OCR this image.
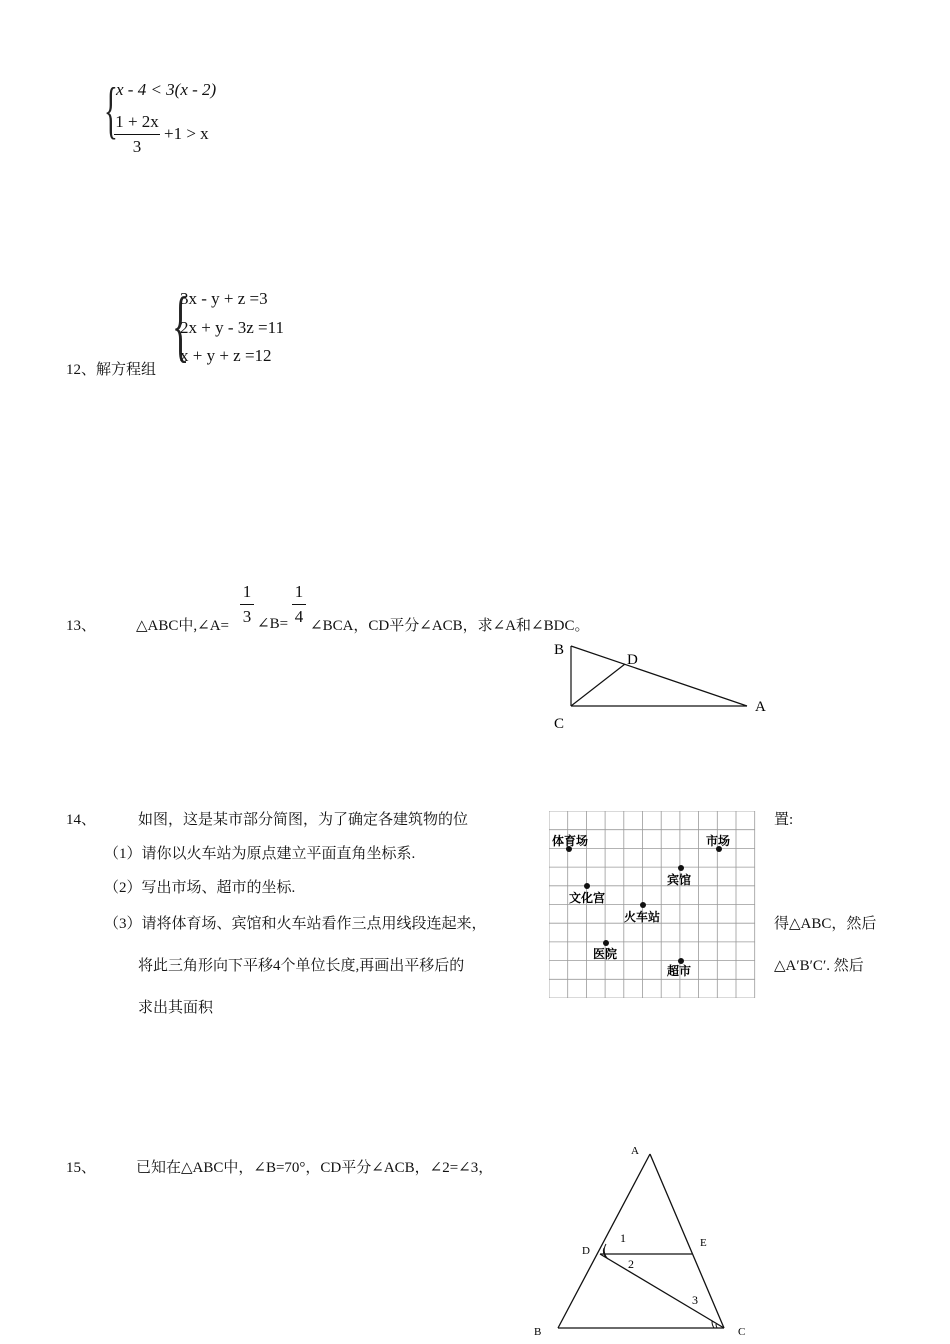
{
x - 4 < 3(x - 2)
1 + 2x
3
+1 > x
{
3x - y + z =3
2x + y - 3z =11
x + y + z =12
12、解方程组
13、	△ABC中,∠A=
1
3 ∠B=
1
4 ∠BCA，CD平分∠ACB，求∠A和∠BDC。
B
D
C
A
14、	如图，这是某市部分简图，为了确定各建筑物的位	置:
（1）请你以火车站为原点建立平面直角坐标系.
（2）写出市场、超市的坐标.
（3）请将体育场、宾馆和火车站看作三点用线段连起来，	得△ABC，然后
将此三角形向下平移4个单位长度,再画出平移后的	△A′B′C′. 然后
求出其面积
体育场	市场
宾馆
文化宫
火车站
医院
超市
15、	已知在△ABC中，∠B=70°，CD平分∠ACB，∠2=∠3，
A
B	C
D
E
1
2
3
